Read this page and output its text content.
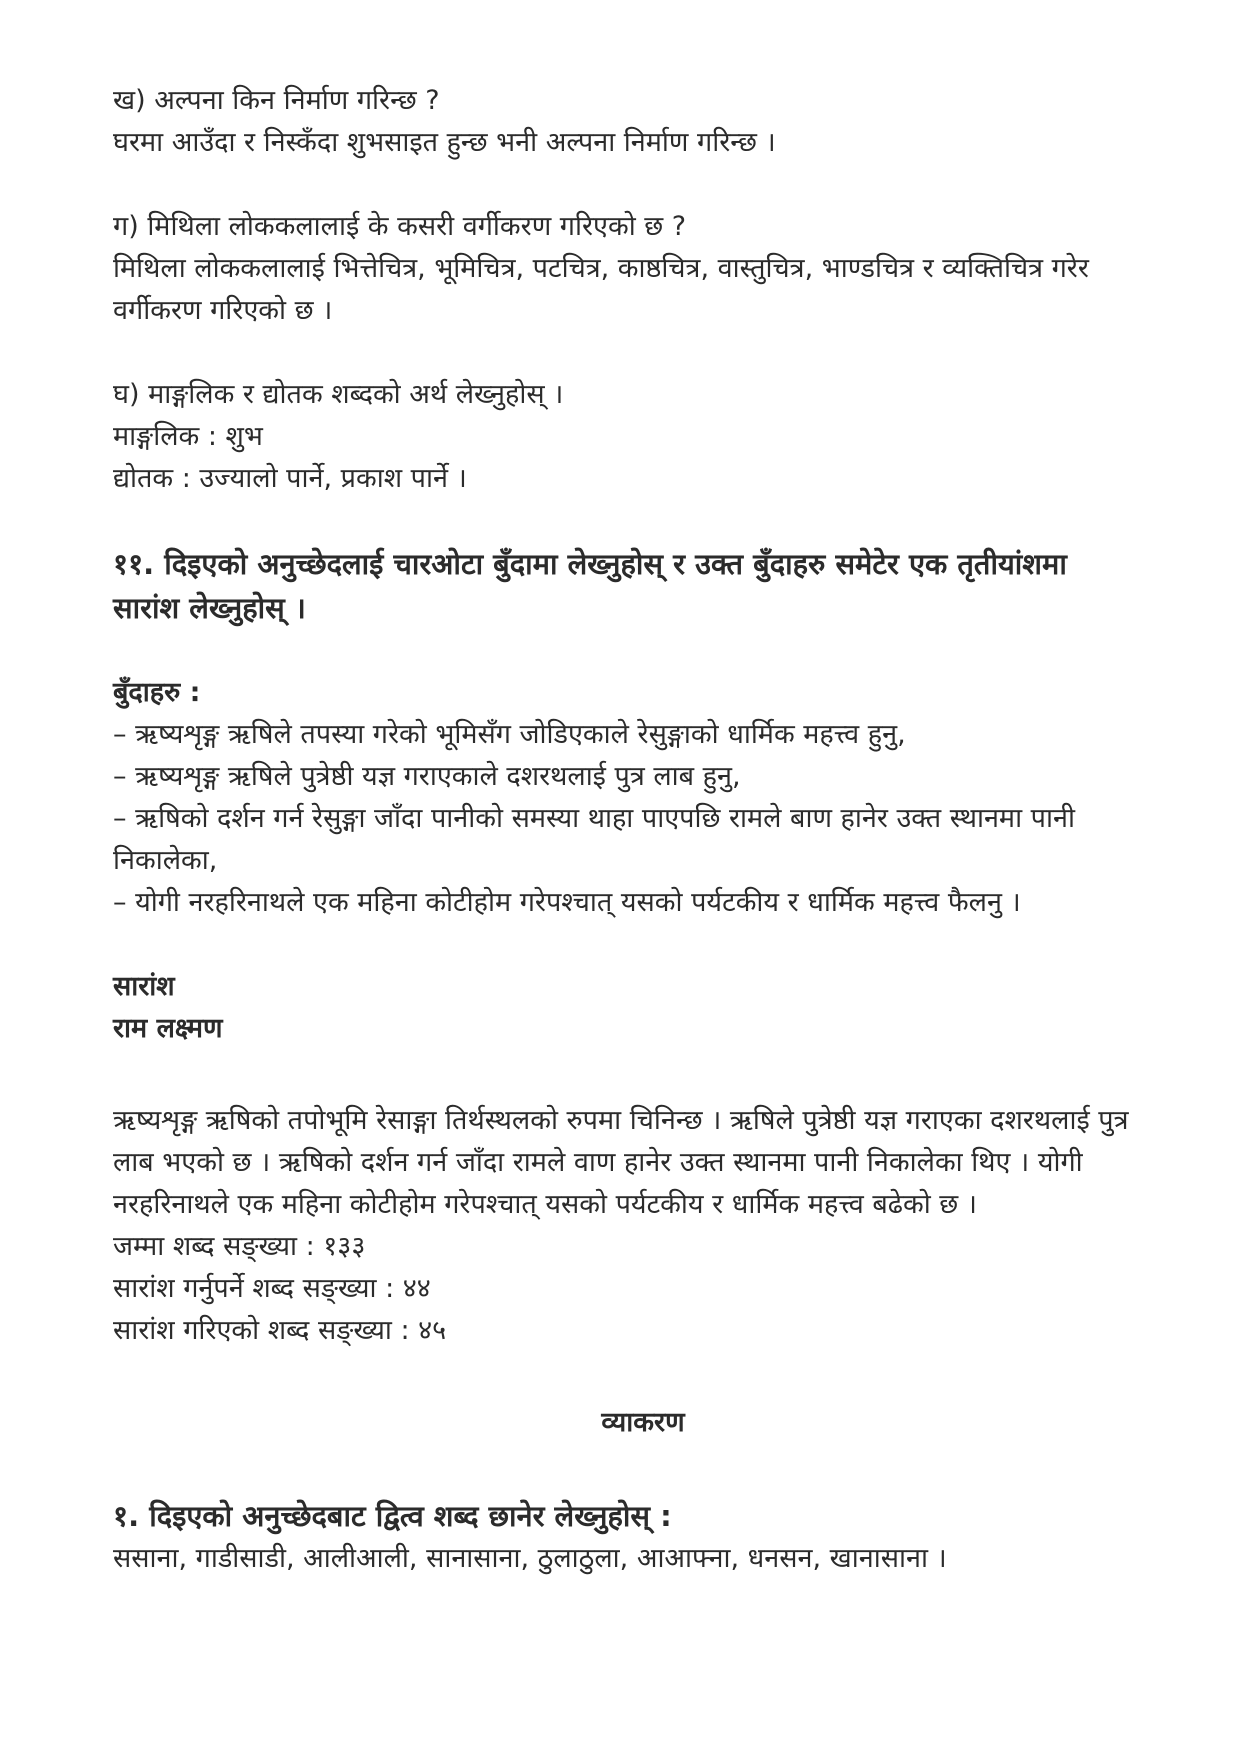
ख) अल्पना किन निर्माण गरिन्छ ?

घरमा आउँदा र निस्कँदा शुभसाइत हुन्छ भनी अल्पना निर्माण गरिन्छ ।

ग) मिथिला लोककलालाई के कसरी वर्गीकरण गरिएको छ ?

मिथिला लोककलालाई भित्तेचित्र, भूमिचित्र, पटचित्र, काष्ठचित्र, वास्तुचित्र, भाण्डचित्र र व्यक्तिचित्र गरेर

वर्गीकरण गरिएको छ ।

घ) माङ्गलिक र द्योतक शब्दको अर्थ लेख्नुहोस् ।

माङ्गलिक : शुभ

द्योतक : उज्यालो पार्ने, प्रकाश पार्ने ।

११. दिइएको अनुच्छेदलाई चारओटा बुँदामा लेख्नुहोस् र उक्त बुँदाहरु समेटेर एक तृतीयांशमा

सारांश लेख्नुहोस् ।

बुँदाहरु :

– ऋष्यशृङ्ग ऋषिले तपस्या गरेको भूमिसँग जोडिएकाले रेसुङ्गाको धार्मिक महत्त्व हुनु,

– ऋष्यशृङ्ग ऋषिले पुत्रेष्ठी यज्ञ गराएकाले दशरथलाई पुत्र लाब हुनु,

– ऋषिको दर्शन गर्न रेसुङ्गा जाँदा पानीको समस्या थाहा पाएपछि रामले बाण हानेर उक्त स्थानमा पानी

निकालेका,

– योगी नरहरिनाथले एक महिना कोटीहोम गरेपश्चात् यसको पर्यटकीय र धार्मिक महत्त्व फैलनु ।

सारांश

राम लक्ष्मण

ऋष्यशृङ्ग ऋषिको तपोभूमि रेसाङ्गा तिर्थस्थलको रुपमा चिनिन्छ । ऋषिले पुत्रेष्ठी यज्ञ गराएका दशरथलाई पुत्र

लाब भएको छ । ऋषिको दर्शन गर्न जाँदा रामले वाण हानेर उक्त स्थानमा पानी निकालेका थिए । योगी

नरहरिनाथले एक महिना कोटीहोम गरेपश्चात् यसको पर्यटकीय र धार्मिक महत्त्व बढेको छ ।

जम्मा शब्द सङ्ख्या : १३३

सारांश गर्नुपर्ने शब्द सङ्ख्या : ४४

सारांश गरिएको शब्द सङ्ख्या : ४५

व्याकरण

१. दिइएको अनुच्छेदबाट द्वित्व शब्द छानेर लेख्नुहोस् :

ससाना, गाडीसाडी, आलीआली, सानासाना, ठुलाठुला, आआफ्ना, धनसन, खानासाना ।
